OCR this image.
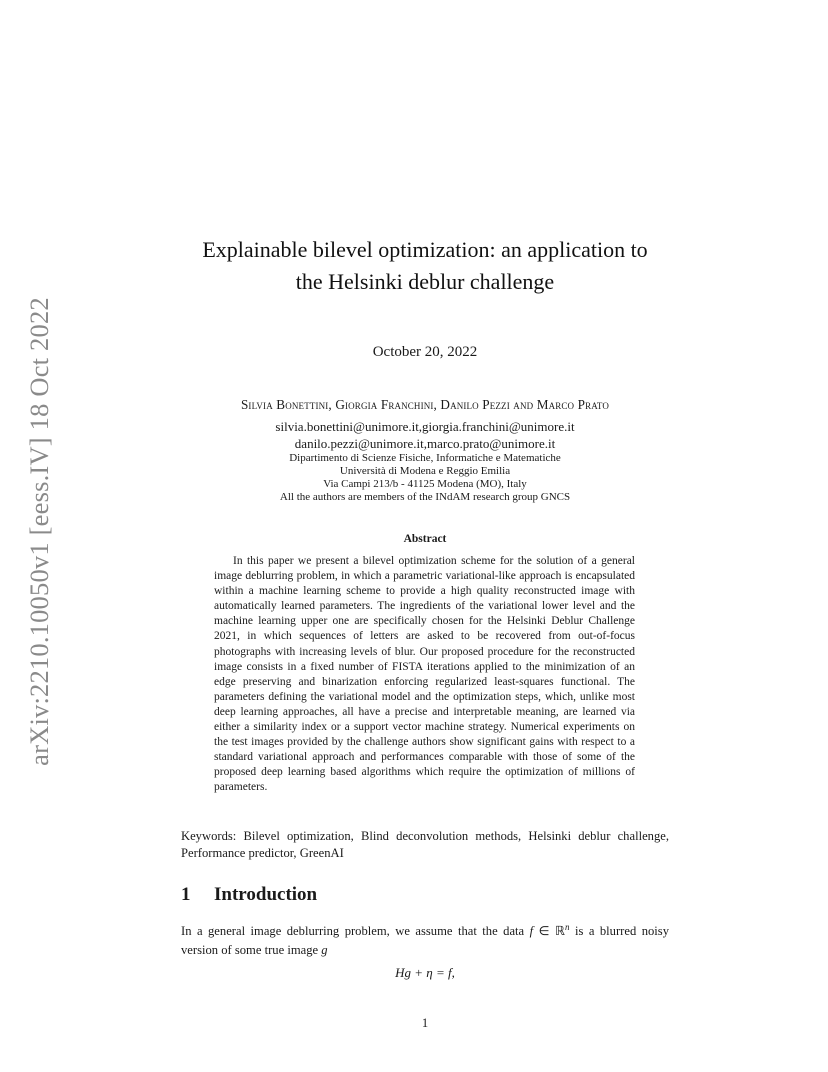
arXiv:2210.10050v1 [eess.IV] 18 Oct 2022
Explainable bilevel optimization: an application to
the Helsinki deblur challenge
October 20, 2022
Silvia Bonettini, Giorgia Franchini, Danilo Pezzi and Marco Prato
silvia.bonettini@unimore.it,giorgia.franchini@unimore.it
danilo.pezzi@unimore.it,marco.prato@unimore.it
Dipartimento di Scienze Fisiche, Informatiche e Matematiche
Università di Modena e Reggio Emilia
Via Campi 213/b - 41125 Modena (MO), Italy
All the authors are members of the INdAM research group GNCS
Abstract
In this paper we present a bilevel optimization scheme for the solution of a general image deblurring problem, in which a parametric variational-like approach is encapsulated within a machine learning scheme to provide a high quality reconstructed image with automatically learned parameters. The ingredients of the variational lower level and the machine learning upper one are specifically chosen for the Helsinki Deblur Challenge 2021, in which sequences of letters are asked to be recovered from out-of-focus photographs with increasing levels of blur. Our proposed procedure for the reconstructed image consists in a fixed number of FISTA iterations applied to the minimization of an edge preserving and binarization enforcing regularized least-squares functional. The parameters defining the variational model and the optimization steps, which, unlike most deep learning approaches, all have a precise and interpretable meaning, are learned via either a similarity index or a support vector machine strategy. Numerical experiments on the test images provided by the challenge authors show significant gains with respect to a standard variational approach and performances comparable with those of some of the proposed deep learning based algorithms which require the optimization of millions of parameters.
Keywords: Bilevel optimization, Blind deconvolution methods, Helsinki deblur challenge, Performance predictor, GreenAI
1 Introduction
In a general image deblurring problem, we assume that the data f ∈ ℝ$^n$ is a blurred noisy version of some true image g
Hg + η = f,
1
